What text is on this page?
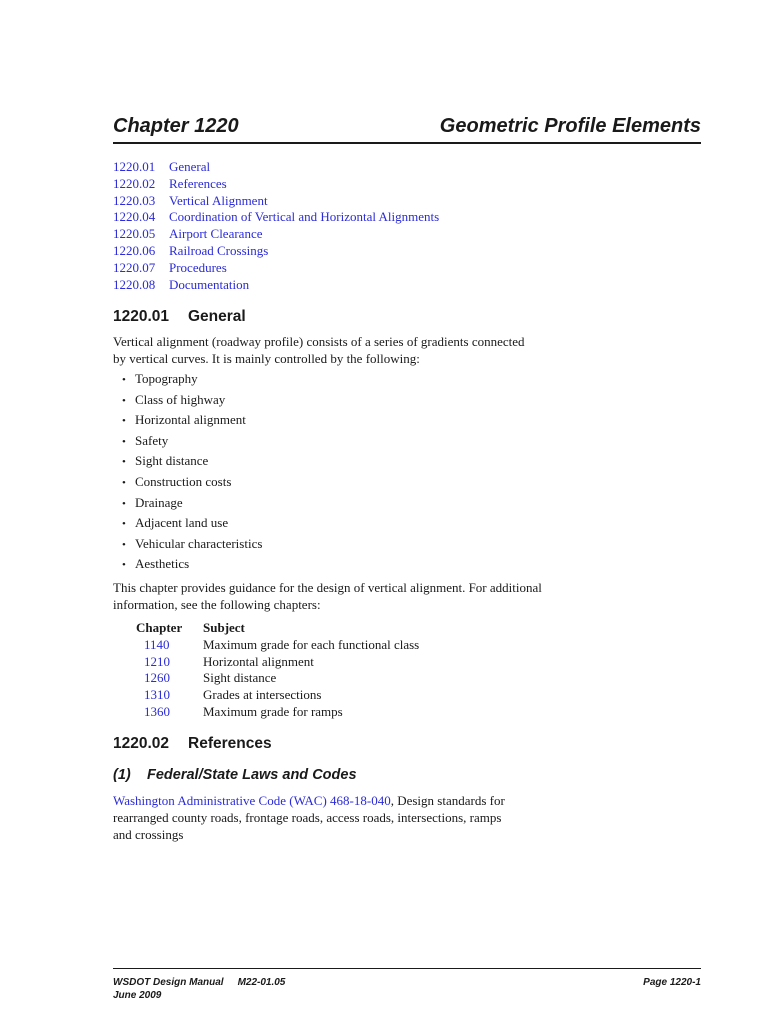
Chapter 1220	Geometric Profile Elements
1220.01 General
1220.02 References
1220.03 Vertical Alignment
1220.04 Coordination of Vertical and Horizontal Alignments
1220.05 Airport Clearance
1220.06 Railroad Crossings
1220.07 Procedures
1220.08 Documentation
1220.01 General

Vertical alignment (roadway profile) consists of a series of gradients connected
by vertical curves. It is mainly controlled by the following:

• Topography
• Class of highway
• Horizontal alignment
• Safety
• Sight distance
• Construction costs
• Drainage
• Adjacent land use
• Vehicular characteristics
• Aesthetics

This chapter provides guidance for the design of vertical alignment. For additional
information, see the following chapters:

Chapter	Subject
1140	Maximum grade for each functional class
1210	Horizontal alignment
1260	Sight distance
1310	Grades at intersections
1360	Maximum grade for ramps
1220.02 References
(1) Federal/State Laws and Codes

Washington Administrative Code (WAC) 468-18-040, Design standards for
rearranged county roads, frontage roads, access roads, intersections, ramps
and crossings

WSDOT Design Manual M22-01.05
June 2009
Page 1220-1
